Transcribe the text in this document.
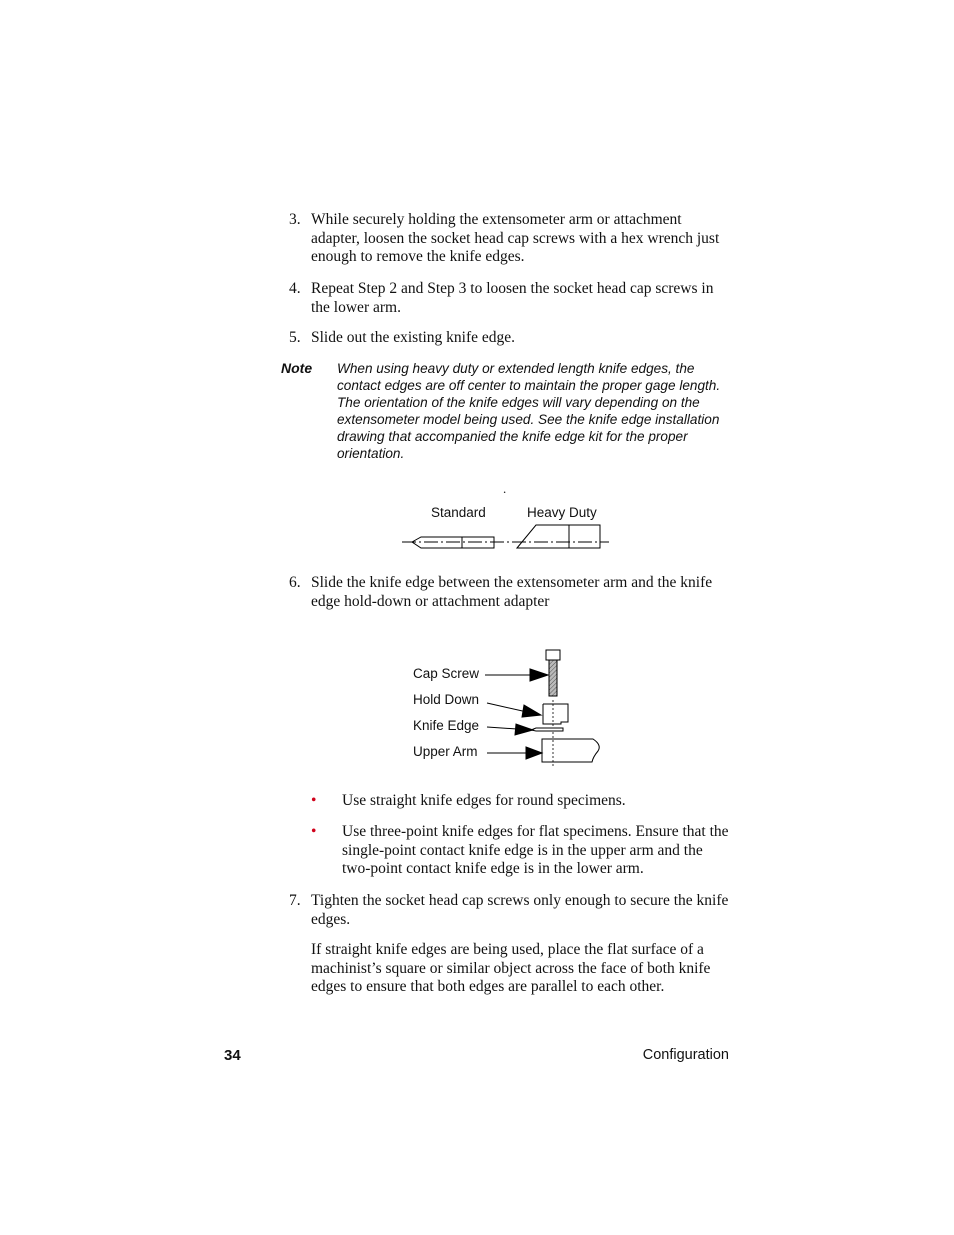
3. While securely holding the extensometer arm or attachment adapter, loosen the socket head cap screws with a hex wrench just enough to remove the knife edges.
4. Repeat Step 2 and Step 3 to loosen the socket head cap screws in the lower arm.
5. Slide out the existing knife edge.
Note When using heavy duty or extended length knife edges, the contact edges are off center to maintain the proper gage length. The orientation of the knife edges will vary depending on the extensometer model being used. See the knife edge installation drawing that accompanied the knife edge kit for the proper orientation.
.
Standard	Heavy Duty
6. Slide the knife edge between the extensometer arm and the knife edge hold-down or attachment adapter
Cap Screw
Hold Down
Knife Edge
Upper Arm
• Use straight knife edges for round specimens.
• Use three-point knife edges for flat specimens. Ensure that the single-point contact knife edge is in the upper arm and the two-point contact knife edge is in the lower arm.
7. Tighten the socket head cap screws only enough to secure the knife edges.
If straight knife edges are being used, place the flat surface of a machinist’s square or similar object across the face of both knife edges to ensure that both edges are parallel to each other.
34	Configuration
